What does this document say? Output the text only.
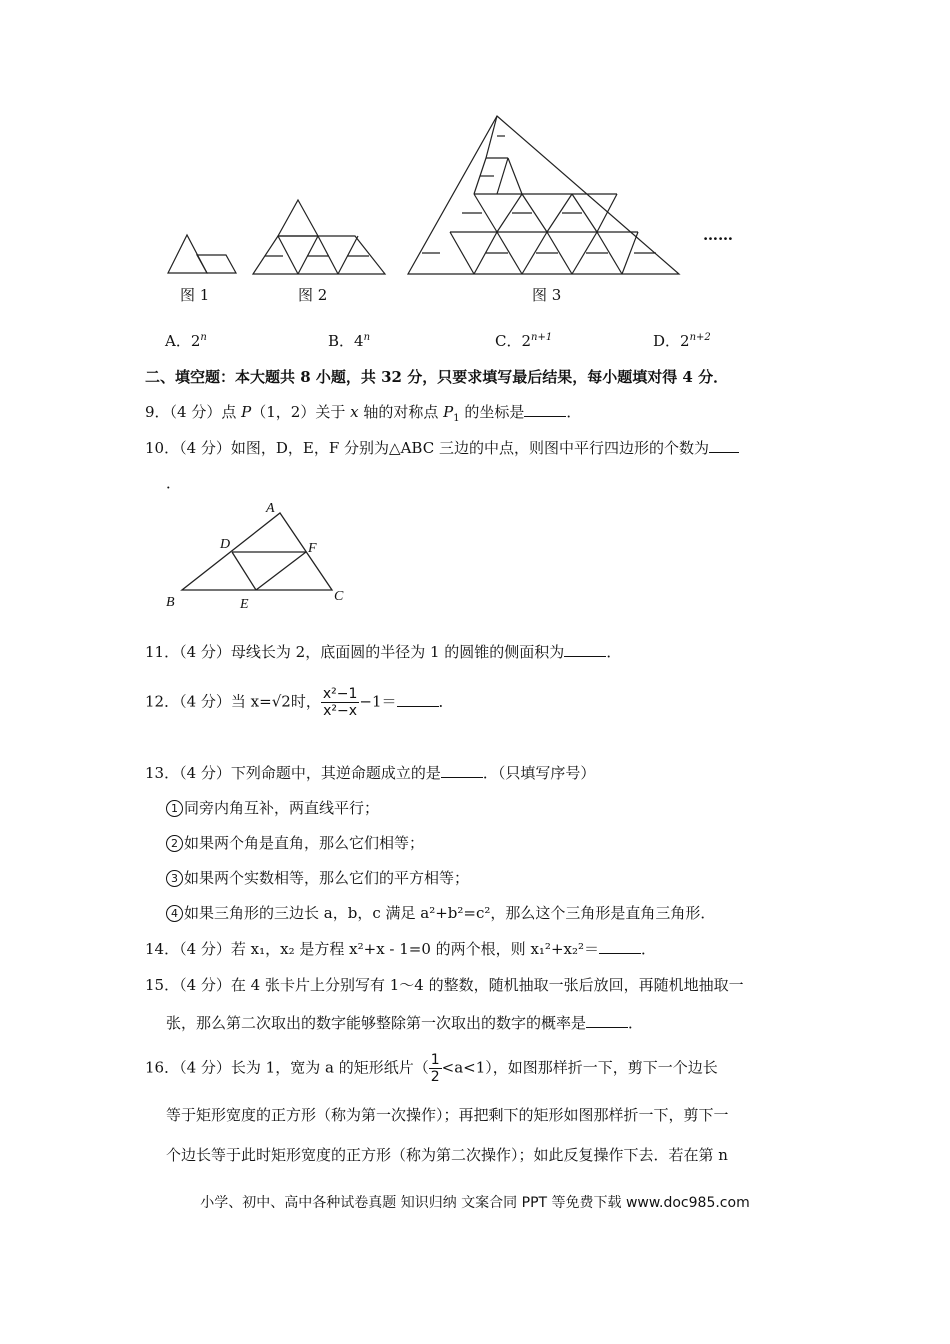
图 1	图 2	图 3
……
A．2$^n$	B．4$^n$	C．$2^{n+1}$	D．$2^{n+2}$
二、填空题：本大题共 8 小题，共 32 分，只要求填写最后结果，每小题填对得 4 分．
9．（4 分）点 P（1，2）关于 x 轴的对称点 $P_1$ 的坐标是	．
10．（4 分）如图，D，E，F 分别为△ABC 三边的中点，则图中平行四边形的个数为
．
A
D	F
B	E
C
11．（4 分）母线长为 2，底面圆的半径为 1 的圆锥的侧面积为	．
12．（4 分）当 x=√2时， $\frac{\text{x²−1}}{\text{x²−x}} -1=$	．
13．（4 分）下列命题中，其逆命题成立的是	．（只填写序号）
1 同旁内角互补，两直线平行；
2 如果两个角是直角，那么它们相等；
3 如果两个实数相等，那么它们的平方相等；
4 如果三角形的三边长 a，b，c 满足 a²+b²=c²，那么这个三角形是直角三角形．
14．（4 分）若 x₁，x₂ 是方程 x²+x - 1=0 的两个根，则 x₁²+x₂²＝	．
15．（4 分）在 4 张卡片上分别写有 1～4 的整数，随机抽取一张后放回，再随机地抽取一
张，那么第二次取出的数字能够整除第一次取出的数字的概率是	．
16．（4 分）长为 1，宽为 a 的矩形纸片（ $\frac{1}{2} <a<1$），如图那样折一下，剪下一个边长
等于矩形宽度的正方形（称为第一次操作）；再把剩下的矩形如图那样折一下，剪下一
个边长等于此时矩形宽度的正方形（称为第二次操作）；如此反复操作下去．若在第 n
小学、初中、高中各种试卷真题 知识归纳 文案合同 PPT 等免费下载 www.doc985.com
